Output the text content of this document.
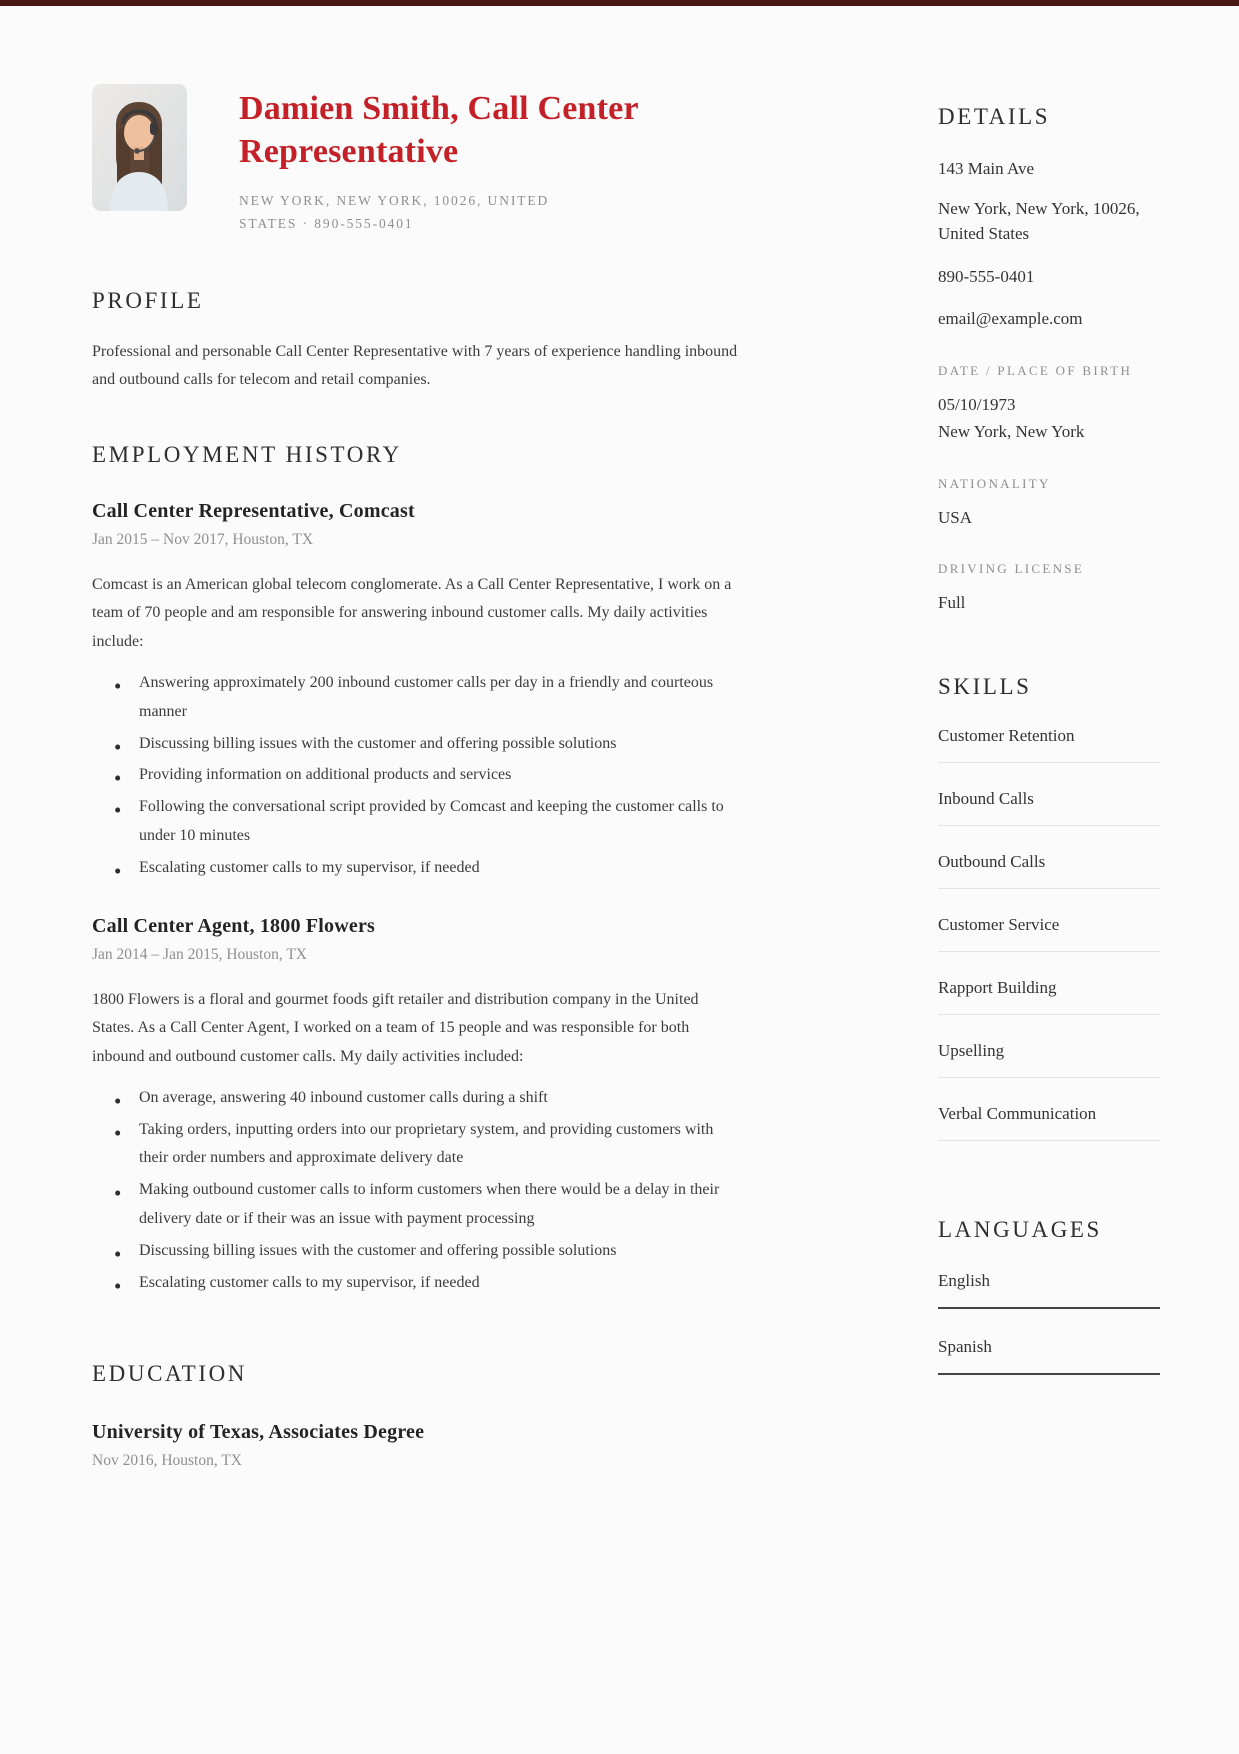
Damien Smith, Call Center Representative
NEW YORK, NEW YORK, 10026, UNITED STATES · 890-555-0401
PROFILE

Professional and personable Call Center Representative with 7 years of experience handling inbound and outbound calls for telecom and retail companies.

EMPLOYMENT HISTORY
Call Center Representative, Comcast
Jan 2015 – Nov 2017, Houston, TX

Comcast is an American global telecom conglomerate. As a Call Center Representative, I work on a team of 70 people and am responsible for answering inbound customer calls. My daily activities include:

• Answering approximately 200 inbound customer calls per day in a friendly and courteous manner
• Discussing billing issues with the customer and offering possible solutions
• Providing information on additional products and services
• Following the conversational script provided by Comcast and keeping the customer calls to under 10 minutes
• Escalating customer calls to my supervisor, if needed
Call Center Agent, 1800 Flowers
Jan 2014 – Jan 2015, Houston, TX

1800 Flowers is a floral and gourmet foods gift retailer and distribution company in the United States. As a Call Center Agent, I worked on a team of 15 people and was responsible for both inbound and outbound customer calls. My daily activities included:

• On average, answering 40 inbound customer calls during a shift
• Taking orders, inputting orders into our proprietary system, and providing customers with their order numbers and approximate delivery date
• Making outbound customer calls to inform customers when there would be a delay in their delivery date or if their was an issue with payment processing
• Discussing billing issues with the customer and offering possible solutions
• Escalating customer calls to my supervisor, if needed
EDUCATION
University of Texas, Associates Degree
Nov 2016, Houston, TX
DETAILS
143 Main Ave
New York, New York, 10026, United States
890-555-0401
email@example.com
DATE / PLACE OF BIRTH
05/10/1973
New York, New York
NATIONALITY
USA
DRIVING LICENSE
Full
SKILLS
Customer Retention
Inbound Calls
Outbound Calls
Customer Service
Rapport Building
Upselling
Verbal Communication
LANGUAGES
English
Spanish
